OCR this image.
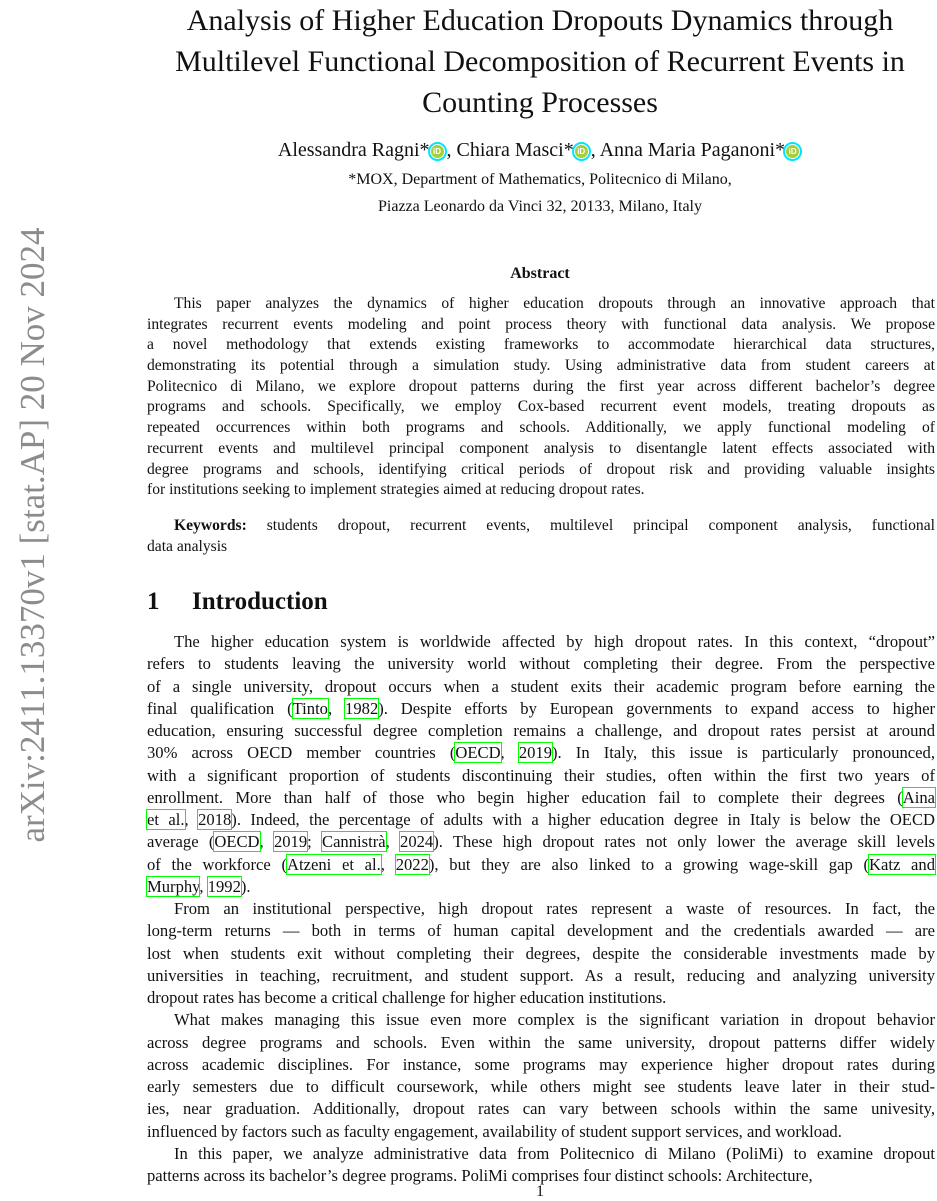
arXiv:2411.13370v1 [stat.AP] 20 Nov 2024
Analysis of Higher Education Dropouts Dynamics through
Multilevel Functional Decomposition of Recurrent Events in
Counting Processes
Alessandra Ragni* iD , Chiara Masci* iD , Anna Maria Paganoni* iD
*MOX, Department of Mathematics, Politecnico di Milano,
Piazza Leonardo da Vinci 32, 20133, Milano, Italy
Abstract
This paper analyzes the dynamics of higher education dropouts through an innovative approach that
integrates recurrent events modeling and point process theory with functional data analysis. We propose
a novel methodology that extends existing frameworks to accommodate hierarchical data structures,
demonstrating its potential through a simulation study. Using administrative data from student careers at
Politecnico di Milano, we explore dropout patterns during the first year across different bachelor’s degree
programs and schools. Specifically, we employ Cox-based recurrent event models, treating dropouts as
repeated occurrences within both programs and schools. Additionally, we apply functional modeling of
recurrent events and multilevel principal component analysis to disentangle latent effects associated with
degree programs and schools, identifying critical periods of dropout risk and providing valuable insights
for institutions seeking to implement strategies aimed at reducing dropout rates.
Keywords: students dropout, recurrent events, multilevel principal component analysis, functional
data analysis
1 Introduction
The higher education system is worldwide affected by high dropout rates. In this context, “dropout”
refers to students leaving the university world without completing their degree. From the perspective
of a single university, dropout occurs when a student exits their academic program before earning the
final qualification (Tinto, 1982). Despite efforts by European governments to expand access to higher
education, ensuring successful degree completion remains a challenge, and dropout rates persist at around
30% across OECD member countries (OECD, 2019). In Italy, this issue is particularly pronounced,
with a significant proportion of students discontinuing their studies, often within the first two years of
enrollment. More than half of those who begin higher education fail to complete their degrees (Aina
et al., 2018). Indeed, the percentage of adults with a higher education degree in Italy is below the OECD
average (OECD, 2019; Cannistrà, 2024). These high dropout rates not only lower the average skill levels
of the workforce (Atzeni et al., 2022), but they are also linked to a growing wage-skill gap (Katz and
Murphy, 1992).
From an institutional perspective, high dropout rates represent a waste of resources. In fact, the
long-term returns — both in terms of human capital development and the credentials awarded — are
lost when students exit without completing their degrees, despite the considerable investments made by
universities in teaching, recruitment, and student support. As a result, reducing and analyzing university
dropout rates has become a critical challenge for higher education institutions.
What makes managing this issue even more complex is the significant variation in dropout behavior
across degree programs and schools. Even within the same university, dropout patterns differ widely
across academic disciplines. For instance, some programs may experience higher dropout rates during
early semesters due to difficult coursework, while others might see students leave later in their stud-
ies, near graduation. Additionally, dropout rates can vary between schools within the same univesity,
influenced by factors such as faculty engagement, availability of student support services, and workload.
In this paper, we analyze administrative data from Politecnico di Milano (PoliMi) to examine dropout
patterns across its bachelor’s degree programs. PoliMi comprises four distinct schools: Architecture,
1
